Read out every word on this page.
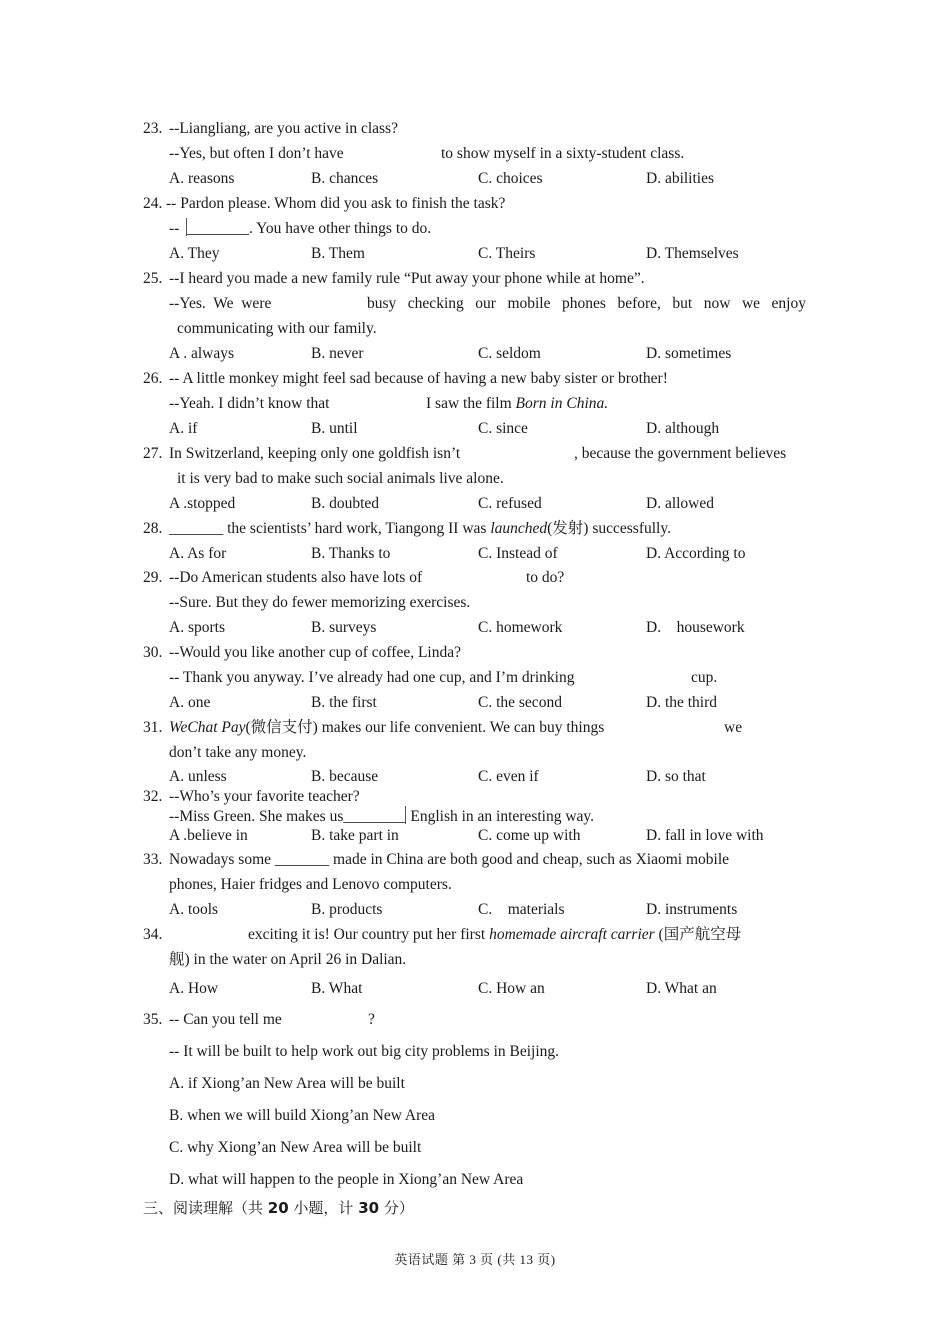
23.

--Liangliang, are you active in class?

--Yes, but often I don’t have

	to show myself in a sixty-student class.

A. reasons

	B. chances

	C. choices

	D. abilities

24.

-- Pardon please. Whom did you ask to finish the task?

--

________. You have other things to do.

A. They

	B. Them

	C. Theirs

	D. Themselves

25.

--I heard you made a new family rule “Put away your phone while at home”.

--Yes.  We  were

	busy checking our mobile phones before, but now we enjoy

communicating with our family.

A . always

	B. never

	C. seldom

	D. sometimes

26.

-- A little monkey might feel sad because of having a new baby sister or brother!

--Yeah. I didn’t know that

	I saw the film Born in China.

A. if

	B. until

	C. since

	D. although

27.

In Switzerland, keeping only one goldfish isn’t

	, because the government believes

it is very bad to make such social animals live alone.

A .stopped

	B. doubted

	C. refused

	D. allowed

28.

_______ the scientists’ hard work, Tiangong II was launched(发射) successfully.

A. As for

	B. Thanks to

	C. Instead of

	D. According to

29.

--Do American students also have lots of

	to do?

--Sure. But they do fewer memorizing exercises.

A. sports

	B. surveys

	C. homework

	D.    housework

30.

--Would you like another cup of coffee, Linda?

-- Thank you anyway. I’ve already had one cup, and I’m drinking

	cup.

A. one

	B. the first

	C. the second

	D. the third

31.

WeChat Pay(微信支付) makes our life convenient. We can buy things

	we

don’t take any money.

A. unless

	B. because

	C. even if

	D. so that

32.

--Who’s your favorite teacher?

--Miss Green. She makes us________ English in an interesting way.

A .believe in

	B. take part in

	C. come up with

	D. fall in love with

33.

Nowadays some _______ made in China are both good and cheap, such as Xiaomi mobile

phones, Haier fridges and Lenovo computers.

A. tools

	B. products

	C.    materials

	D. instruments

34.

	exciting it is! Our country put her first homemade aircraft carrier (国产航空母

舰) in the water on April 26 in Dalian.

A. How

	B. What

	C. How an

	D. What an

35.

-- Can you tell me

	?

-- It will be built to help work out big city problems in Beijing.

A. if Xiong’an New Area will be built

B. when we will build Xiong’an New Area

C. why Xiong’an New Area will be built

D. what will happen to the people in Xiong’an New Area

三、阅读理解（共 20 小题，计 30 分）

英语试题 第 3 页 (共 13 页)
